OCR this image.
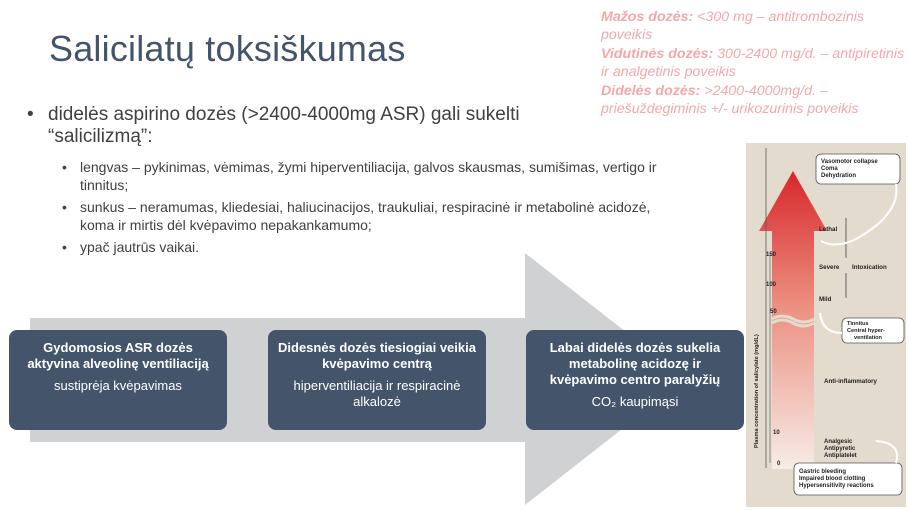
Salicilatų toksiškumas
Mažos dozės: <300 mg – antitrombozinis poveikis
Vidutinės dozės: 300-2400 mg/d. – antipiretinis ir analgetinis poveikis
Didelės dozės: >2400-4000mg/d. – priešuždegiminis +/- urikozurinis poveikis
• didelės aspirino dozės (>2400-4000mg ASR) gali sukelti “salicilizmą”:
• lengvas – pykinimas, vėmimas, žymi hiperventiliacija, galvos skausmas, sumišimas, vertigo ir tinnitus;
• sunkus – neramumas, kliedesiai, haliucinacijos, traukuliai, respiracinė ir metabolinė acidozė, koma ir mirtis dėl kvėpavimo nepakankamumo;
• ypač jautrūs vaikai.
Gydomosios ASR dozės aktyvina alveolinę ventiliaciją
sustiprėja kvėpavimas
Didesnės dozės tiesiogiai veikia kvėpavimo centrą
hiperventiliacija ir respiracinė alkalozė
Labai didelės dozės sukelia metabolinę acidozę ir kvėpavimo centro paralyžių
CO₂ kaupimąsi	Plasma concentration of salicylate (mg/dL)
150
100
50
10
0
Lethal
Severe Intoxication
Mild
Anti-inflammatory
Analgesic
Antipyretic
Antiplatelet
Vasomotor collapse
Coma
Dehydration
Tinnitus
Central hyper-
ventilation
Gastric bleeding
Impaired blood clotting
Hypersensitivity reactions
